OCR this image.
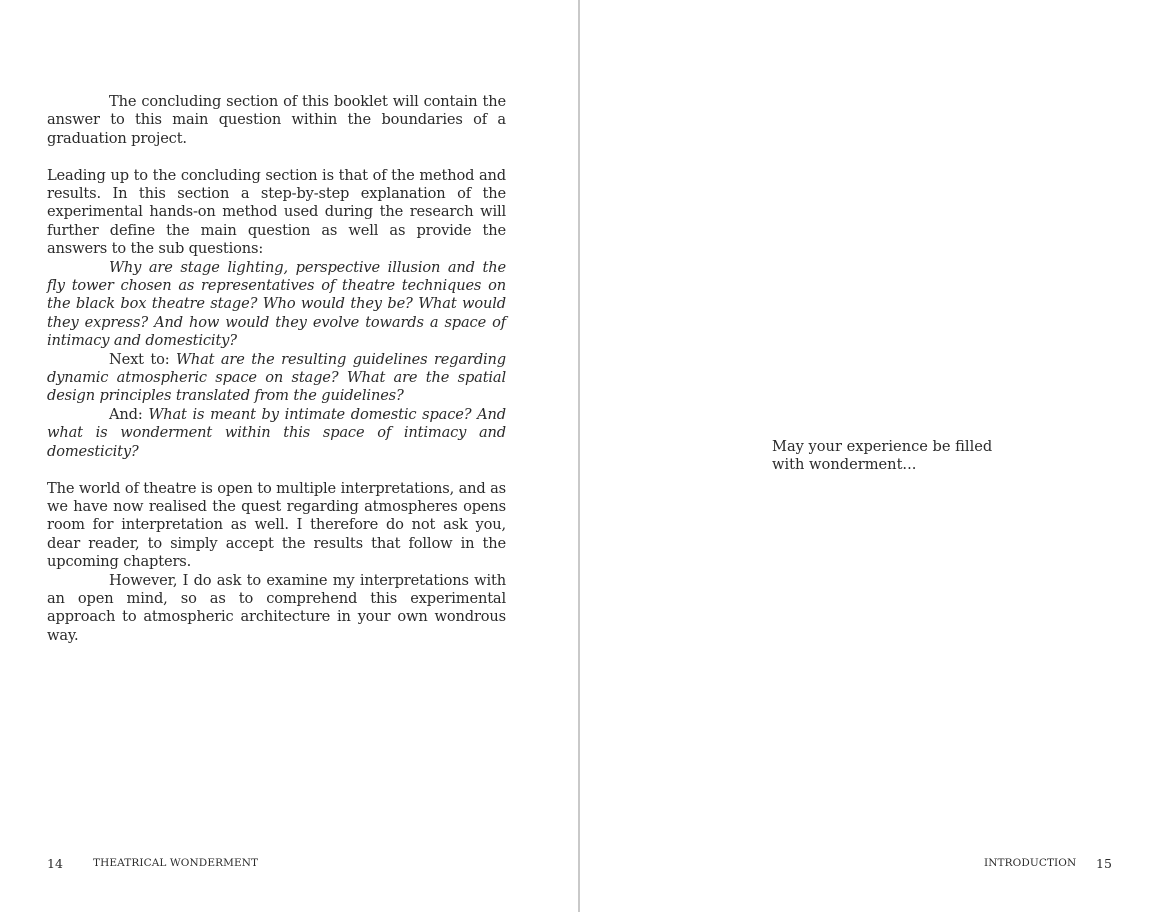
The concluding section of this booklet will contain the answer to this main question within the boundaries of a graduation project.

Leading up to the concluding section is that of the method and results. In this section a step-by-step explanation of the experimental hands-on method used during the research will further define the main question as well as provide the answers to the sub questions:

Why are stage lighting, perspective illusion and the fly tower chosen as representatives of theatre techniques on the black box theatre stage? Who would they be? What would they express? And how would they evolve towards a space of intimacy and domesticity?

Next to: What are the resulting guidelines regarding dynamic atmospheric space on stage? What are the spatial design principles translated from the guidelines?

And: What is meant by intimate domestic space? And what is wonderment within this space of intimacy and domesticity?

The world of theatre is open to multiple interpretations, and as we have now realised the quest regarding atmospheres opens room for interpretation as well. I therefore do not ask you, dear reader, to simply accept the results that follow in the upcoming chapters.

However, I do ask to examine my interpretations with an open mind, so as to comprehend this experimental approach to atmospheric architecture in your own wondrous way.

14	THEATRICAL WONDERMENT
May your experience be filled
with wonderment...
INTRODUCTION 15
